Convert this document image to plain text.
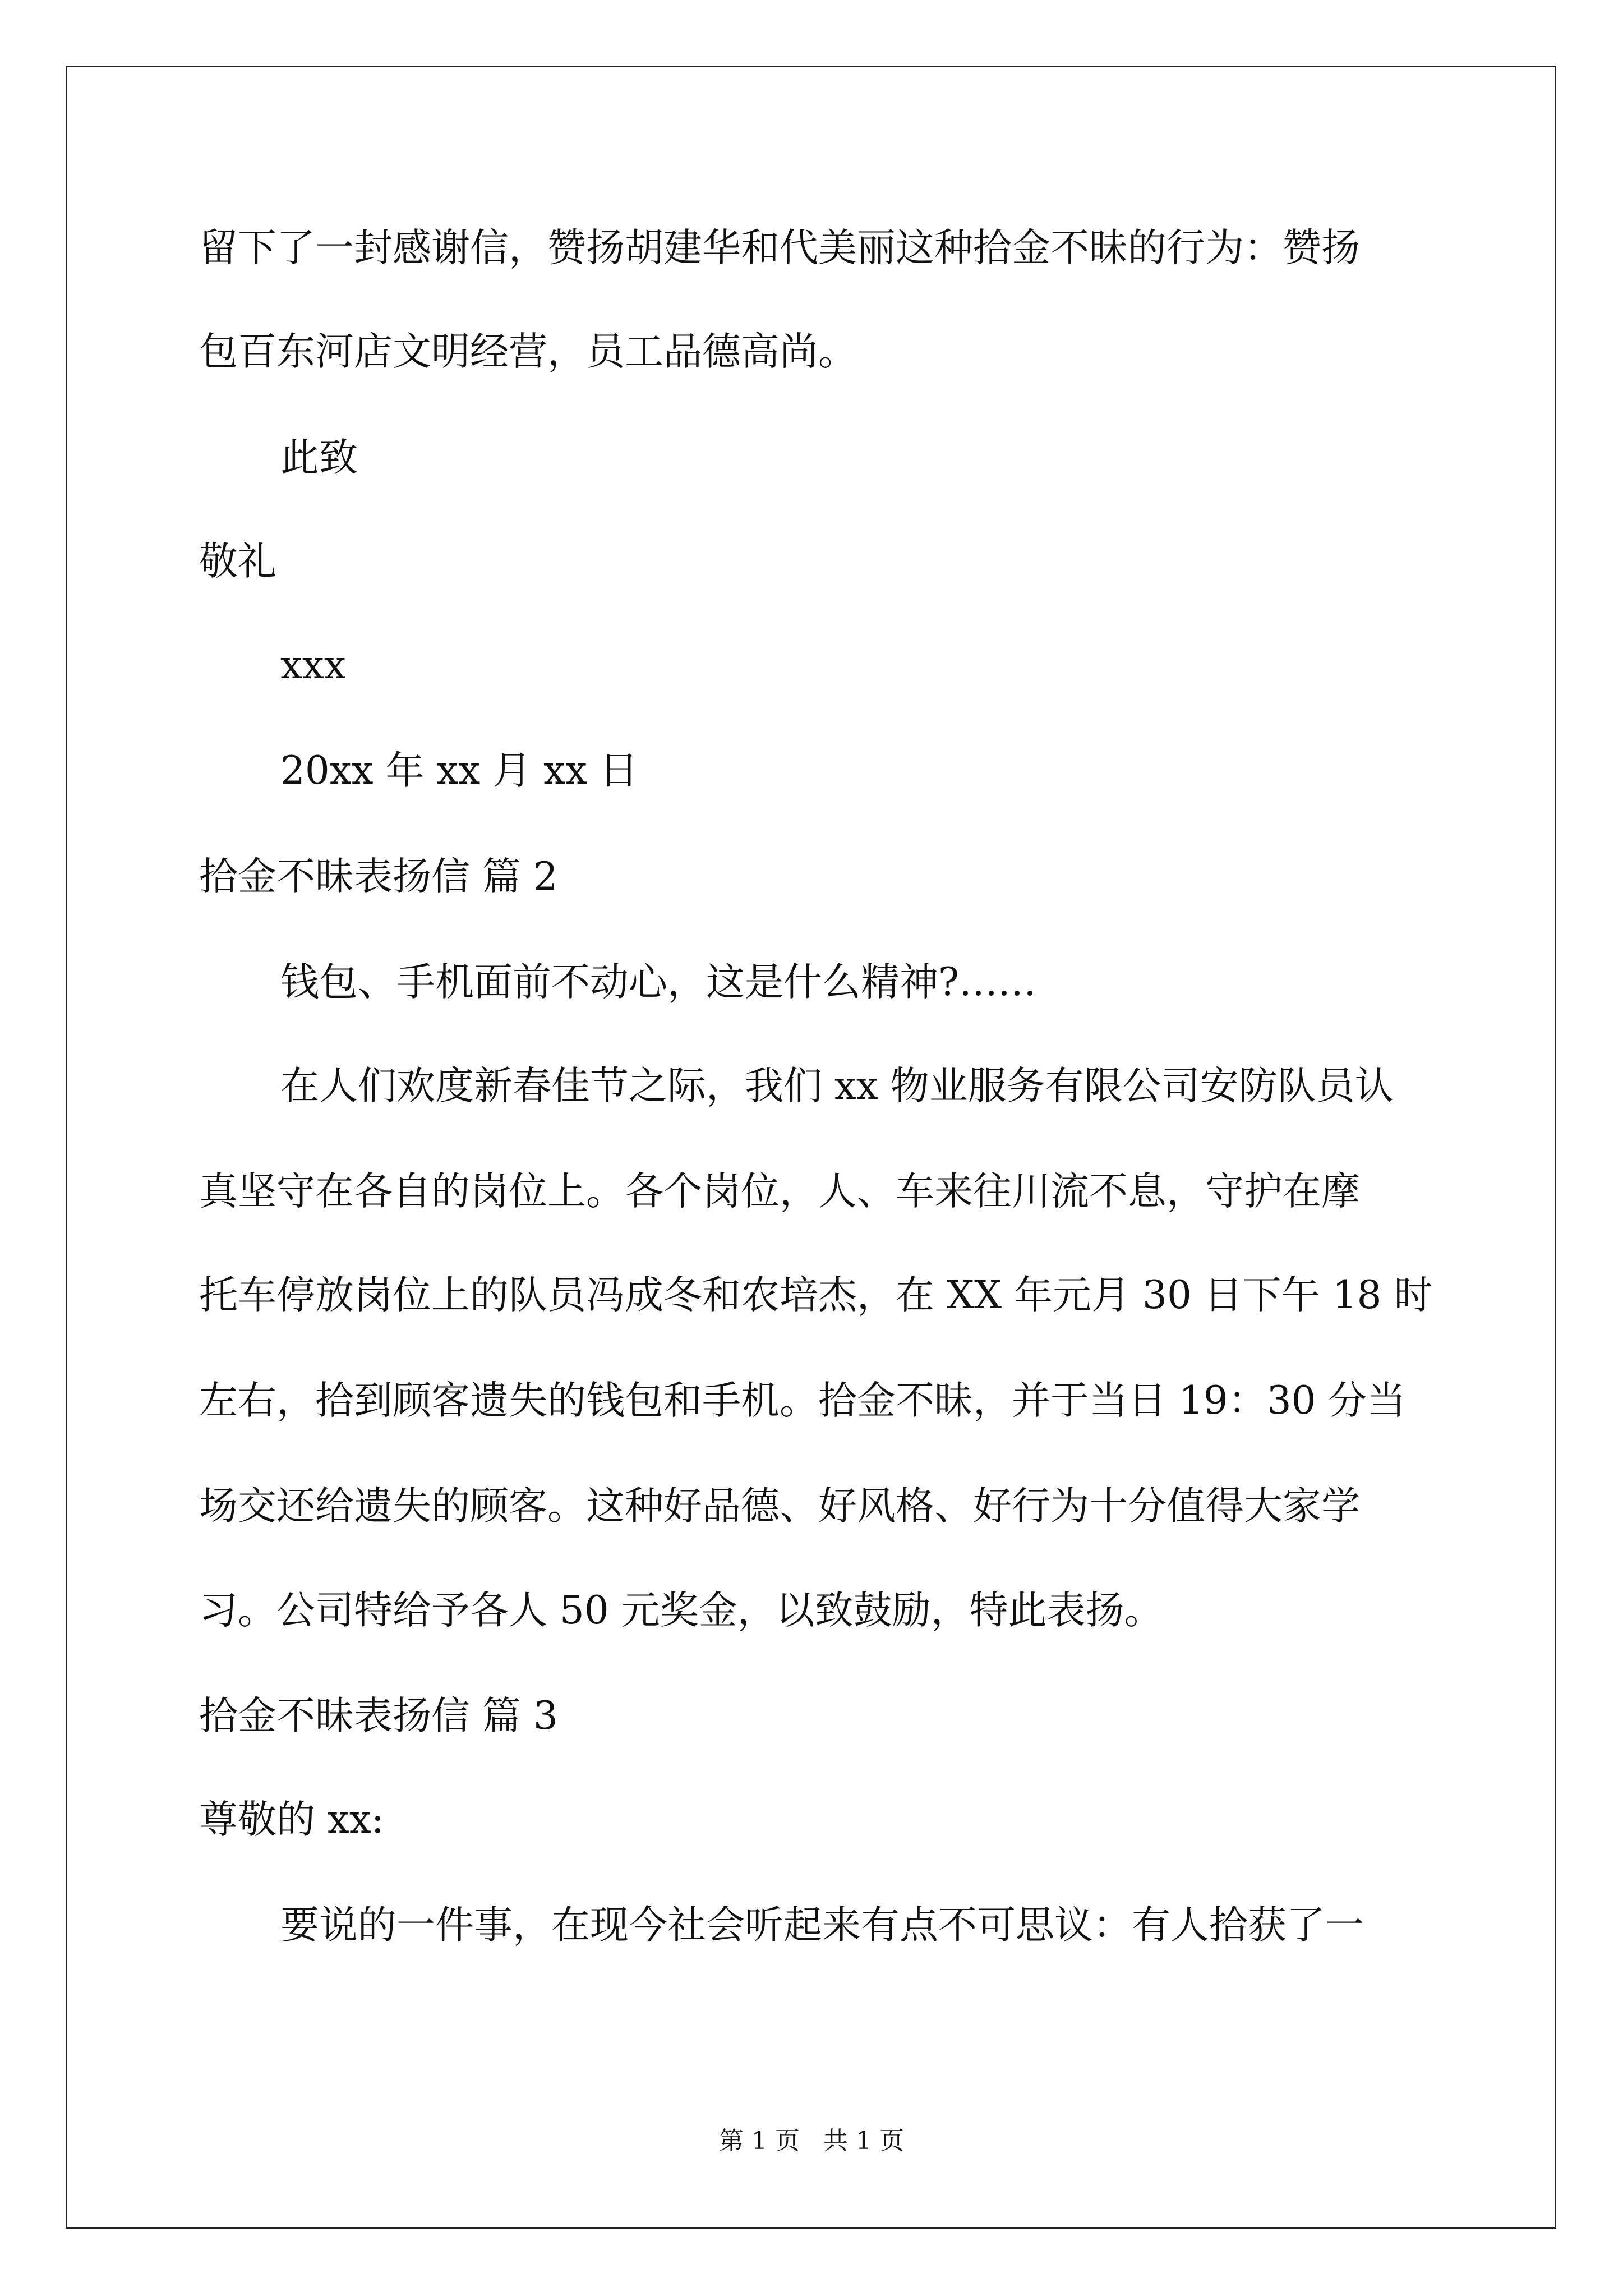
留下了一封感谢信，赞扬胡建华和代美丽这种拾金不昧的行为：赞扬

包百东河店文明经营，员工品德高尚。

此致

敬礼

xxx

20xx 年 xx 月 xx 日

拾金不昧表扬信 篇 2

钱包、手机面前不动心，这是什么精神?……

在人们欢度新春佳节之际，我们 xx 物业服务有限公司安防队员认

真坚守在各自的岗位上。各个岗位，人、车来往川流不息，守护在摩

托车停放岗位上的队员冯成冬和农培杰，在 XX 年元月 30 日下午 18 时

左右，拾到顾客遗失的钱包和手机。拾金不昧，并于当日 19：30 分当

场交还给遗失的顾客。这种好品德、好风格、好行为十分值得大家学

习。公司特给予各人 50 元奖金，以致鼓励，特此表扬。

拾金不昧表扬信 篇 3

尊敬的 xx:

要说的一件事，在现今社会听起来有点不可思议：有人拾获了一

第 1 页   共 1 页
